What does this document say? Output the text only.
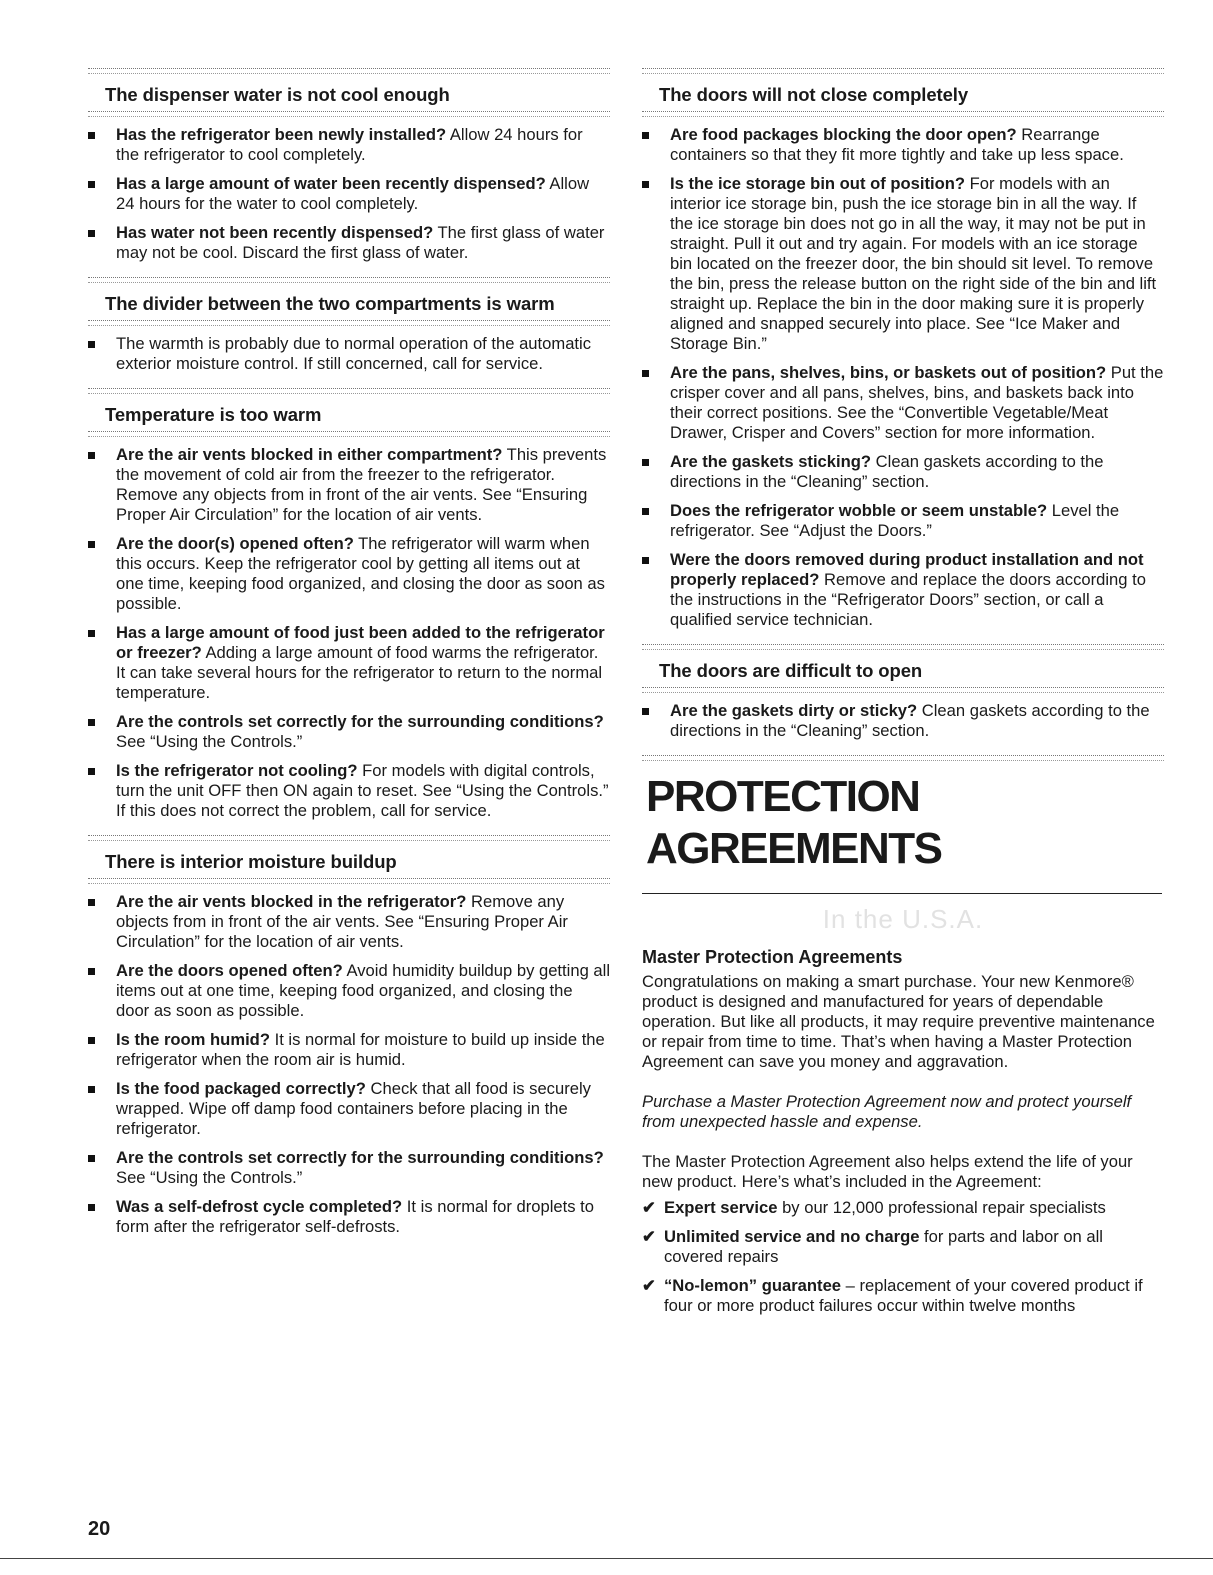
The dispenser water is not cool enough
Has the refrigerator been newly installed? Allow 24 hours for the refrigerator to cool completely.
Has a large amount of water been recently dispensed? Allow 24 hours for the water to cool completely.
Has water not been recently dispensed? The first glass of water may not be cool. Discard the first glass of water.
The divider between the two compartments is warm
The warmth is probably due to normal operation of the automatic exterior moisture control. If still concerned, call for service.
Temperature is too warm
Are the air vents blocked in either compartment? This prevents the movement of cold air from the freezer to the refrigerator. Remove any objects from in front of the air vents. See “Ensuring Proper Air Circulation” for the location of air vents.
Are the door(s) opened often? The refrigerator will warm when this occurs. Keep the refrigerator cool by getting all items out at one time, keeping food organized, and closing the door as soon as possible.
Has a large amount of food just been added to the refrigerator or freezer? Adding a large amount of food warms the refrigerator. It can take several hours for the refrigerator to return to the normal temperature.
Are the controls set correctly for the surrounding conditions? See “Using the Controls.”
Is the refrigerator not cooling? For models with digital controls, turn the unit OFF then ON again to reset. See “Using the Controls.” If this does not correct the problem, call for service.
There is interior moisture buildup
Are the air vents blocked in the refrigerator? Remove any objects from in front of the air vents. See “Ensuring Proper Air Circulation” for the location of air vents.
Are the doors opened often? Avoid humidity buildup by getting all items out at one time, keeping food organized, and closing the door as soon as possible.
Is the room humid? It is normal for moisture to build up inside the refrigerator when the room air is humid.
Is the food packaged correctly? Check that all food is securely wrapped. Wipe off damp food containers before placing in the refrigerator.
Are the controls set correctly for the surrounding conditions? See “Using the Controls.”
Was a self-defrost cycle completed? It is normal for droplets to form after the refrigerator self-defrosts.
The doors will not close completely
Are food packages blocking the door open? Rearrange containers so that they fit more tightly and take up less space.
Is the ice storage bin out of position? For models with an interior ice storage bin, push the ice storage bin in all the way. If the ice storage bin does not go in all the way, it may not be put in straight. Pull it out and try again. For models with an ice storage bin located on the freezer door, the bin should sit level. To remove the bin, press the release button on the right side of the bin and lift straight up. Replace the bin in the door making sure it is properly aligned and snapped securely into place. See “Ice Maker and Storage Bin.”
Are the pans, shelves, bins, or baskets out of position? Put the crisper cover and all pans, shelves, bins, and baskets back into their correct positions. See the “Convertible Vegetable/Meat Drawer, Crisper and Covers” section for more information.
Are the gaskets sticking? Clean gaskets according to the directions in the “Cleaning” section.
Does the refrigerator wobble or seem unstable? Level the refrigerator. See “Adjust the Doors.”
Were the doors removed during product installation and not properly replaced? Remove and replace the doors according to the instructions in the “Refrigerator Doors” section, or call a qualified service technician.
The doors are difficult to open
Are the gaskets dirty or sticky? Clean gaskets according to the directions in the “Cleaning” section.
PROTECTION AGREEMENTS
In the U.S.A.
Master Protection Agreements

Congratulations on making a smart purchase. Your new Kenmore® product is designed and manufactured for years of dependable operation. But like all products, it may require preventive maintenance or repair from time to time. That’s when having a Master Protection Agreement can save you money and aggravation.

Purchase a Master Protection Agreement now and protect yourself from unexpected hassle and expense.

The Master Protection Agreement also helps extend the life of your new product. Here’s what’s included in the Agreement:

✔ Expert service by our 12,000 professional repair specialists
✔ Unlimited service and no charge for parts and labor on all covered repairs
✔ “No-lemon” guarantee – replacement of your covered product if four or more product failures occur within twelve months
20
